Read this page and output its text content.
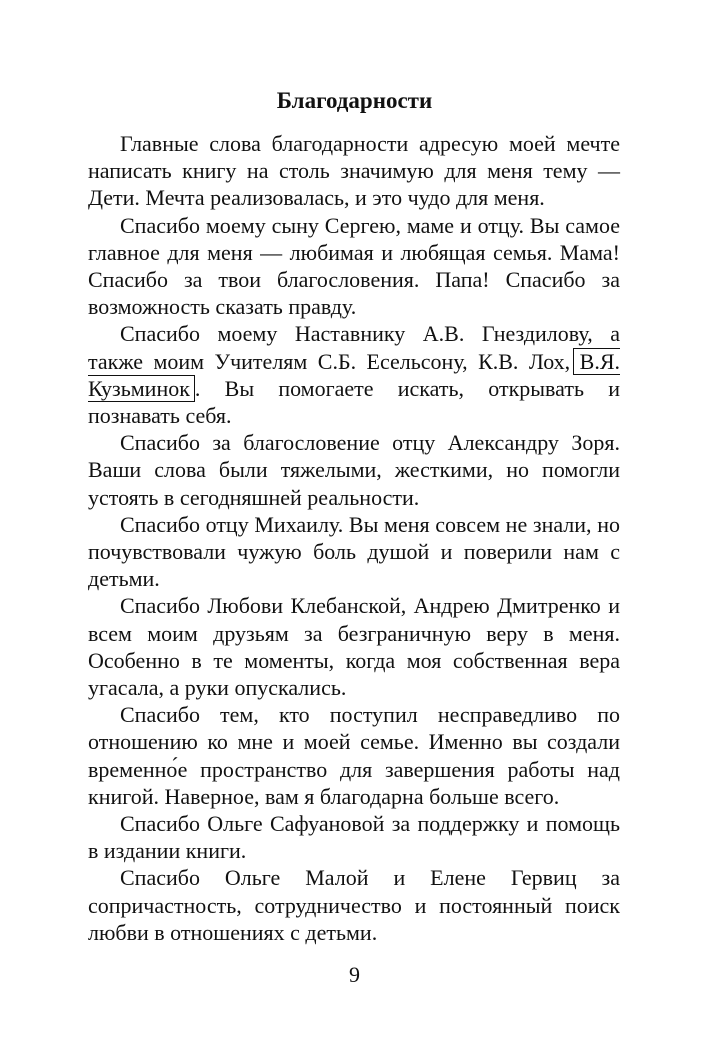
Благодарности

Главные слова благодарности адресую моей мечте написать книгу на столь значимую для меня тему — Дети. Мечта реализовалась, и это чудо для меня.

Спасибо моему сыну Сергею, маме и отцу. Вы самое главное для меня — любимая и любящая семья. Мама! Спасибо за твои благословения. Папа! Спасибо за возможность сказать правду.

Спасибо моему Наставнику А.В. Гнездилову, а также моим Учителям С.Б. Есельсону, К.В. Лох, В.Я. Кузьминок . Вы помогаете искать, открывать и познавать себя.

Спасибо за благословение отцу Александру Зоря. Ваши слова были тяжелыми, жесткими, но помогли устоять в сегодняшней реальности.

Спасибо отцу Михаилу. Вы меня совсем не знали, но почувствовали чужую боль душой и поверили нам с детьми.

Спасибо Любови Клебанской, Андрею Дмитренко и всем моим друзьям за безграничную веру в меня. Особенно в те моменты, когда моя собственная вера угасала, а руки опускались.

Спасибо тем, кто поступил несправедливо по отношению ко мне и моей семье. Именно вы создали временно́е пространство для завершения работы над книгой. Наверное, вам я благодарна больше всего.

Спасибо Ольге Сафуановой за поддержку и помощь в издании книги.

Спасибо Ольге Малой и Елене Гервиц за сопричастность, сотрудничество и постоянный поиск любви в отношениях с детьми.

9
